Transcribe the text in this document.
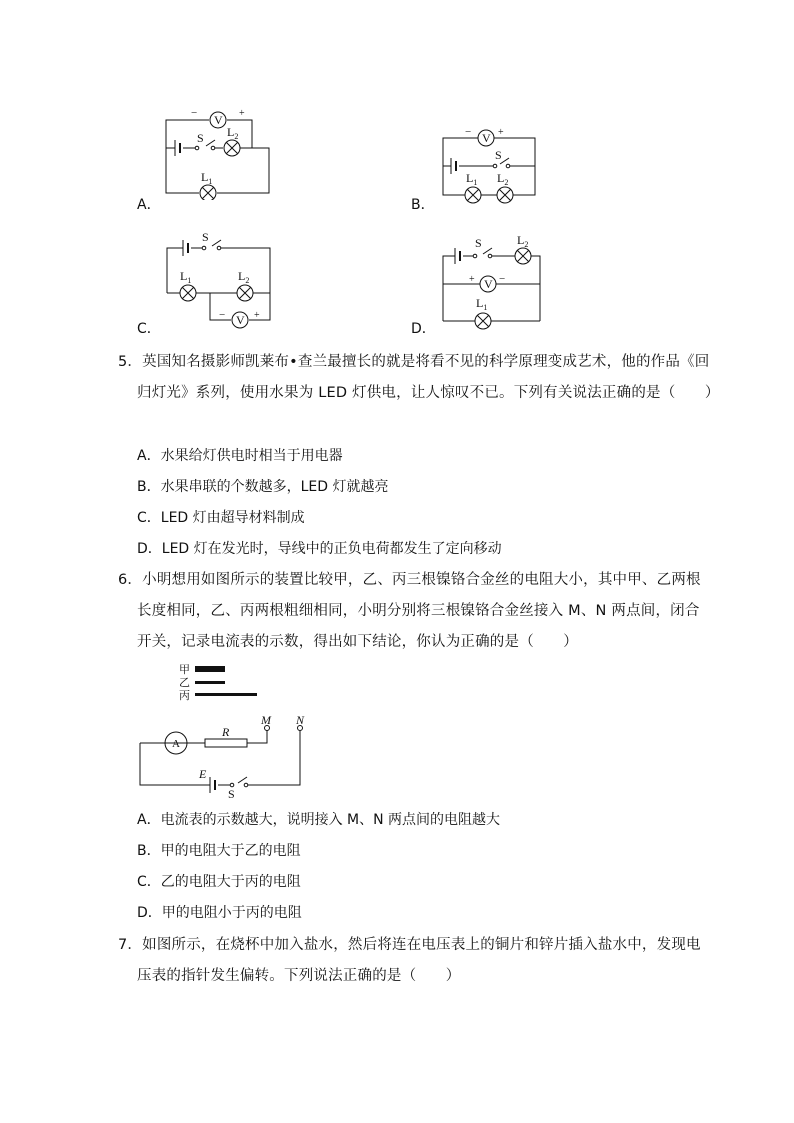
V
−	+
S $L_2$
$L_1$
A．
V
−	+
S
$L_1$ $L_2$
B．
S
$L_1$	$L_2$
V
−	+
C．
S	$L_2$
V
+ −
$L_1$
D．
5．英国知名摄影师凯莱布•查兰最擅长的就是将看不见的科学原理变成艺术，他的作品《回
归灯光》系列，使用水果为 LED 灯供电，让人惊叹不已。下列有关说法正确的是（　　）
A．水果给灯供电时相当于用电器
B．水果串联的个数越多，LED 灯就越亮
C．LED 灯由超导材料制成
D．LED 灯在发光时，导线中的正负电荷都发生了定向移动
6．小明想用如图所示的装置比较甲，乙、丙三根镍铬合金丝的电阻大小，其中甲、乙两根
长度相同，乙、丙两根粗细相同，小明分别将三根镍铬合金丝接入 M、N 两点间，闭合
开关，记录电流表的示数，得出如下结论，你认为正确的是（　　）
甲
乙
丙
A
R
M N
E
S
A．电流表的示数越大，说明接入 M、N 两点间的电阻越大
B．甲的电阻大于乙的电阻
C．乙的电阻大于丙的电阻
D．甲的电阻小于丙的电阻
7．如图所示，在烧杯中加入盐水，然后将连在电压表上的铜片和锌片插入盐水中，发现电
压表的指针发生偏转。下列说法正确的是（　　）
